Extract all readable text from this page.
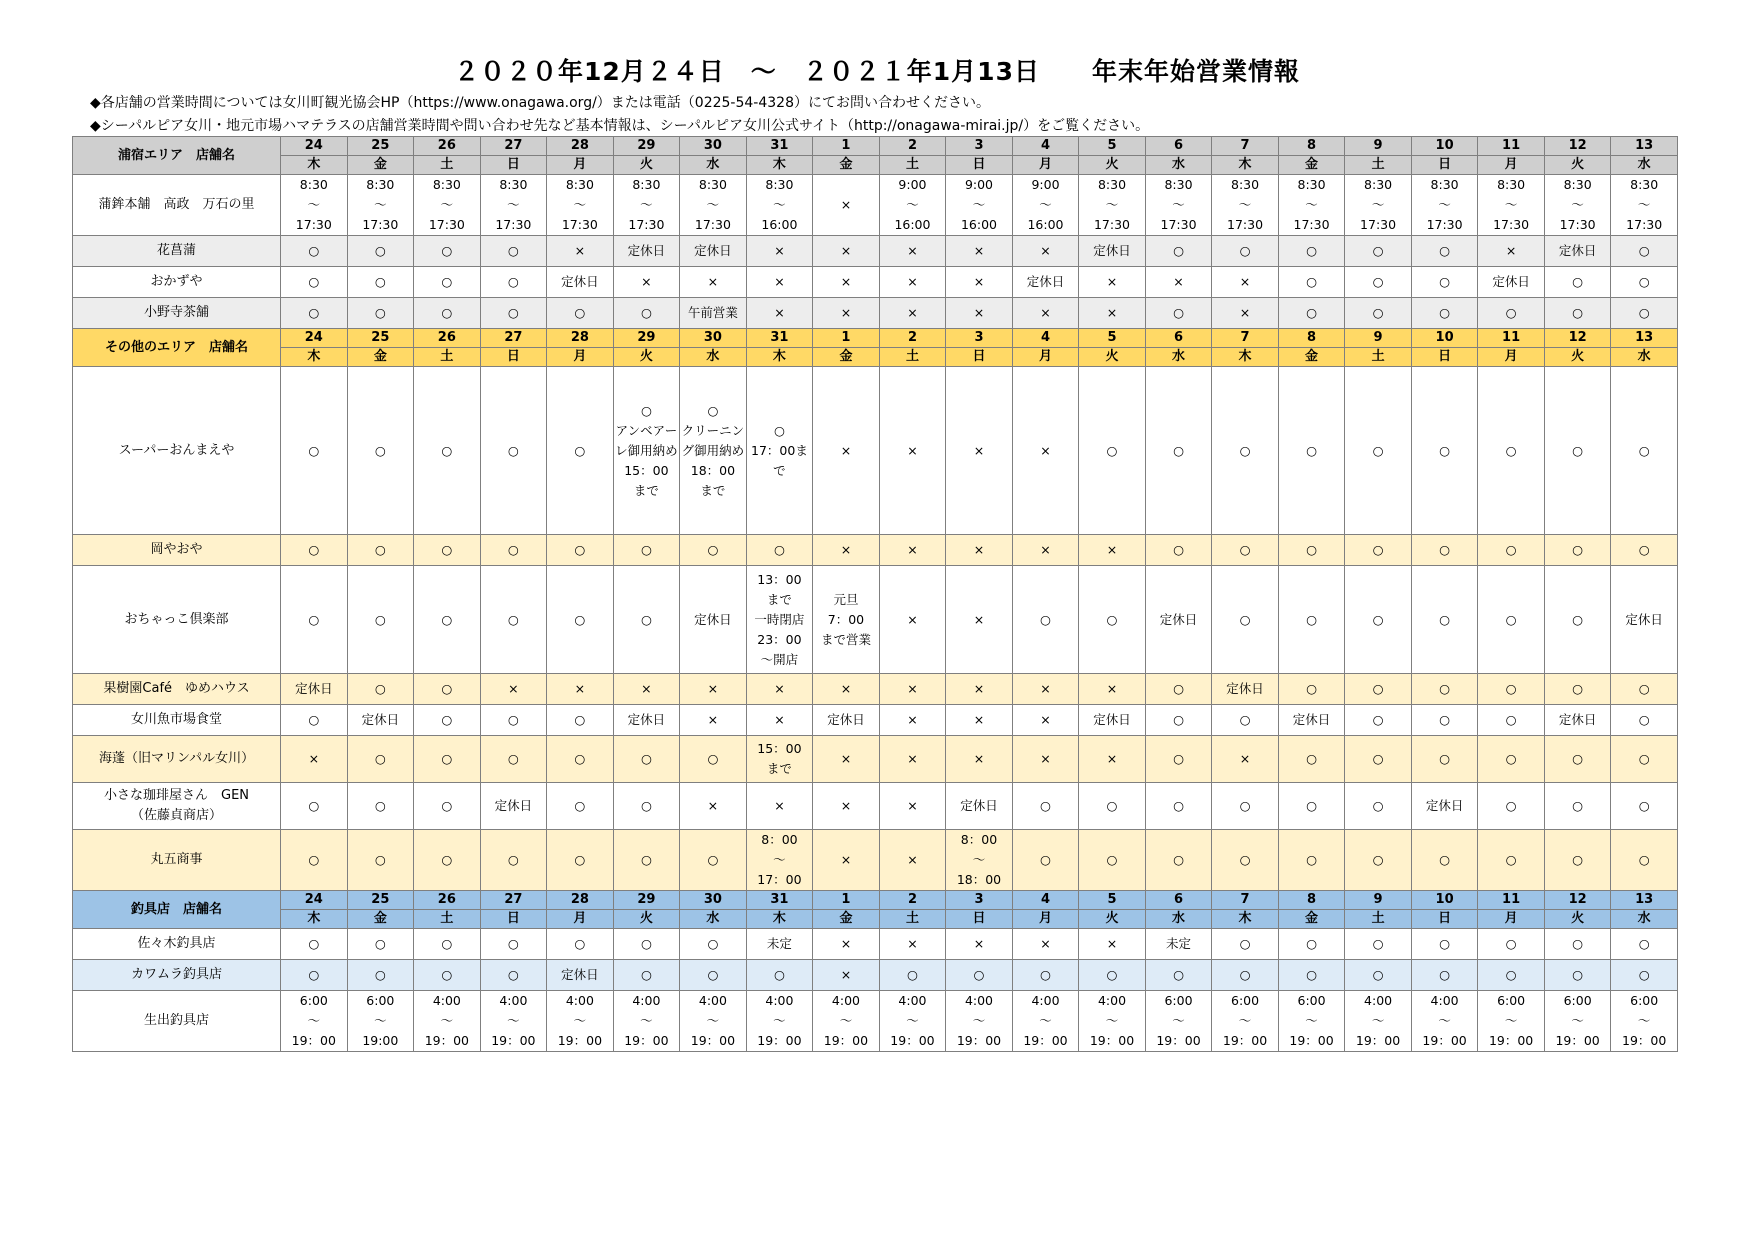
２０２０年12月２４日　～　２０２１年1月13日　　年末年始営業情報
◆各店舗の営業時間については女川町観光協会HP（https://www.onagawa.org/）または電話（0225-54-4328）にてお問い合わせください。
◆シーパルピア女川・地元市場ハマテラスの店舗営業時間や問い合わせ先など基本情報は、シーパルピア女川公式サイト（http://onagawa-mirai.jp/）をご覧ください。
浦宿エリア　店舗名	24	25	26	27	28	29	30	31	1	2	3	4	5	6	7	8	9	10	11	12	13
	木	金	土	日	月	火	水	木	金	土	日	月	火	水	木	金	土	日	月	火	水
蒲鉾本舗　高政　万石の里	8:30
～
17:30	8:30
～
17:30	8:30
～
17:30	8:30
～
17:30	8:30
～
17:30	8:30
～
17:30	8:30
～
17:30	8:30
～
16:00	×	9:00
～
16:00	9:00
～
16:00	9:00
～
16:00	8:30
～
17:30	8:30
～
17:30	8:30
～
17:30	8:30
～
17:30	8:30
～
17:30	8:30
～
17:30	8:30
～
17:30	8:30
～
17:30	8:30
～
17:30
花菖蒲	○	○	○	○	×	定休日	定休日	×	×	×	×	×	定休日	○	○	○	○	○	×	定休日	○
おかずや	○	○	○	○	定休日	×	×	×	×	×	×	定休日	×	×	×	○	○	○	定休日	○	○
小野寺茶舗	○	○	○	○	○	○	午前営業	×	×	×	×	×	×	○	×	○	○	○	○	○	○
その他のエリア　店舗名	24	25	26	27	28	29	30	31	1	2	3	4	5	6	7	8	9	10	11	12	13
	木	金	土	日	月	火	水	木	金	土	日	月	火	水	木	金	土	日	月	火	水
スーパーおんまえや	○	○	○	○	○	○
アンベアーレ御用納め
15：00
まで	○
クリーニング御用納め
18：00
まで	○
17：00まで	×	×	×	×	○	○	○	○	○	○	○	○	○
岡やおや	○	○	○	○	○	○	○	○	×	×	×	×	×	○	○	○	○	○	○	○	○
おちゃっこ倶楽部	○	○	○	○	○	○	定休日	13：00
まで
一時閉店
23：00
～開店	元旦
7：00
まで営業	×	×	○	○	定休日	○	○	○	○	○	○	定休日
果樹園Café　ゆめハウス	定休日	○	○	×	×	×	×	×	×	×	×	×	×	○	定休日	○	○	○	○	○	○
女川魚市場食堂	○	定休日	○	○	○	定休日	×	×	定休日	×	×	×	定休日	○	○	定休日	○	○	○	定休日	○
海蓬（旧マリンパル女川）	×	○	○	○	○	○	○	15：00
まで	×	×	×	×	×	○	×	○	○	○	○	○	○
小さな珈琲屋さん　GEN
（佐藤貞商店）	○	○	○	定休日	○	○	×	×	×	×	定休日	○	○	○	○	○	○	定休日	○	○	○
丸五商事	○	○	○	○	○	○	○	8：00
～
17：00	×	×	8：00
～
18：00	○	○	○	○	○	○	○	○	○	○
釣具店　店舗名	24	25	26	27	28	29	30	31	1	2	3	4	5	6	7	8	9	10	11	12	13
	木	金	土	日	月	火	水	木	金	土	日	月	火	水	木	金	土	日	月	火	水
佐々木釣具店	○	○	○	○	○	○	○	未定	×	×	×	×	×	未定	○	○	○	○	○	○	○
カワムラ釣具店	○	○	○	○	定休日	○	○	○	×	○	○	○	○	○	○	○	○	○	○	○	○
生出釣具店	6:00
～
19：00	6:00
～
19:00	4:00
～
19：00	4:00
～
19：00	4:00
～
19：00	4:00
～
19：00	4:00
～
19：00	4:00
～
19：00	4:00
～
19：00	4:00
～
19：00	4:00
～
19：00	4:00
～
19：00	4:00
～
19：00	6:00
～
19：00	6:00
～
19：00	6:00
～
19：00	4:00
～
19：00	4:00
～
19：00	6:00
～
19：00	6:00
～
19：00	6:00
～
19：00
